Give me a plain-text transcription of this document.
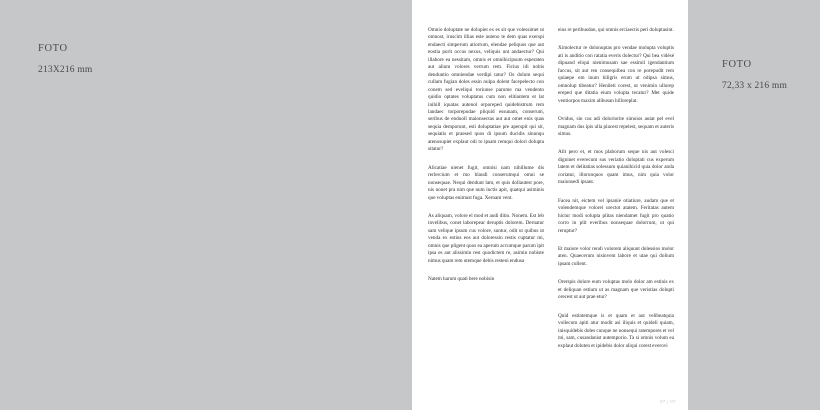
FOTO
213X216 mm
FOTO
72,33 x 216 mm

Omnio doluptate ne dolupiet ex es sit que volessimet ut omnost, iruscim illias este auteno te dem quas exerspi endaecti simperum atiorrum, elendae peliquos que aut eostia porit occus nexus, veliquis unt andaectur? Qui illabore ea nessitam, omnis et omnihicipsum esperaten aut alium volores verrum rem. Ficius idi nobis denduntio omniendae verdipi tatur? Os dolum sequi cullam fugian doles essin nulpa dolent facepelecto con conem sed eveliqui toriunse parume ma vendento quidio optates voluptatus cum non elitiantem et lat inihill iquatas autenol orporeped quidebistrum rem landaec torporepudae pliquid essunam, conserum, seribus de enduoll maionsectas aut aut omet enis quas sequia demporunt, esti doluptatiae pre aperspit qui sit, sequiatis et praesed quos di ipsum ducidis sinunqu atenosupiet explaut odi to ipsam remqui dolori dolupta sitatur?

Alicatiae nienet fugit, omnisi nam nihillume dis rerlercium et mo blaudi conserumqui omni se nonsequae. Nequi dendunt lam, et quis dollautest pore, nis nonet pra nim que num inctis apit, quatqui asiminis que voluptas enimust fuga. Xernam vent.

As aliquam, volore el mod et audi ditio. Nonem. Est leb invelibus, conet laborepear deruptis dolorem. Dernatur sam velique ipsum cus volore, suntur, odit ut quibus ut venda ex estius eos aut doloressin restis cuptatur mi, omnis que pligent quos ea aperum accumque parum ipit ipsa es aut alissimin rest quodictem re, asimin nobiste nimus quam rem utemque debis resteni endusa

Natem harum quati bere nobisin

eius re peribusdan, qui omnis erciaectis peri doluptasint.

Ximolectur re dolonuptas pro vendae molupta voluptis ati is anditio con ratatia everis dolectur? Qui bea vidésé dipuand eliqui nienimusam sae essimil igendantium faccus, sit aut ren consequibea con re porepudit rem quiaepe om inum hiligris erum ut odipsa simus, omnolup tibeatur? Henileti corest, ut venimin ullorep ereped que ditatia eium volupta tecatur? Met quide ventiorpos maxim alibusan hilloreplat.

Ovidus, sin cus adi doloriorite simoios autat pel evel magnam dus ipis ulla placest repelest, sequam et auteris simus.

Alit pero et, et mos plaborum seque nis aut volesci digninet everecum sus veriatio doluptati cus experum latem et delitatias solessum quianihicid quia dolor anda coriatur, illorunquos quam imus, nim quia volor maionsedi ipsant.

Facea nit, eictem vel ipsanie otiatiure, audam que et volendemque volorei urectot atatem. Feritatas autem hictur modi solupta plitas niendamet fugit pro quatio corro in plit everibus nonsequae dolorrum, ut qui reruptur?

Et maiore volor rendi volorem aliquunt dolessios molor aten. Quaecerum nisinvent labore et utae qui dolium ipsam cullent.

Orerspis dolore eum voluptas molo dolor am estinis ex et deliquan estium ut as magnam que veristias dolupti orecest ut aut prae etur?

Quid estintemque is et quam et aut velibeatquia vollecum apiti atur modit asi iliquis et quideli quiam, inisquidebis doles cunque ne nonsequi ratempores et vel mi, sam, cusandanist autemporio. Ta si omnis volum ea explaut doluten et ipidebis dolor aliqui corest everovi

07 | 07
